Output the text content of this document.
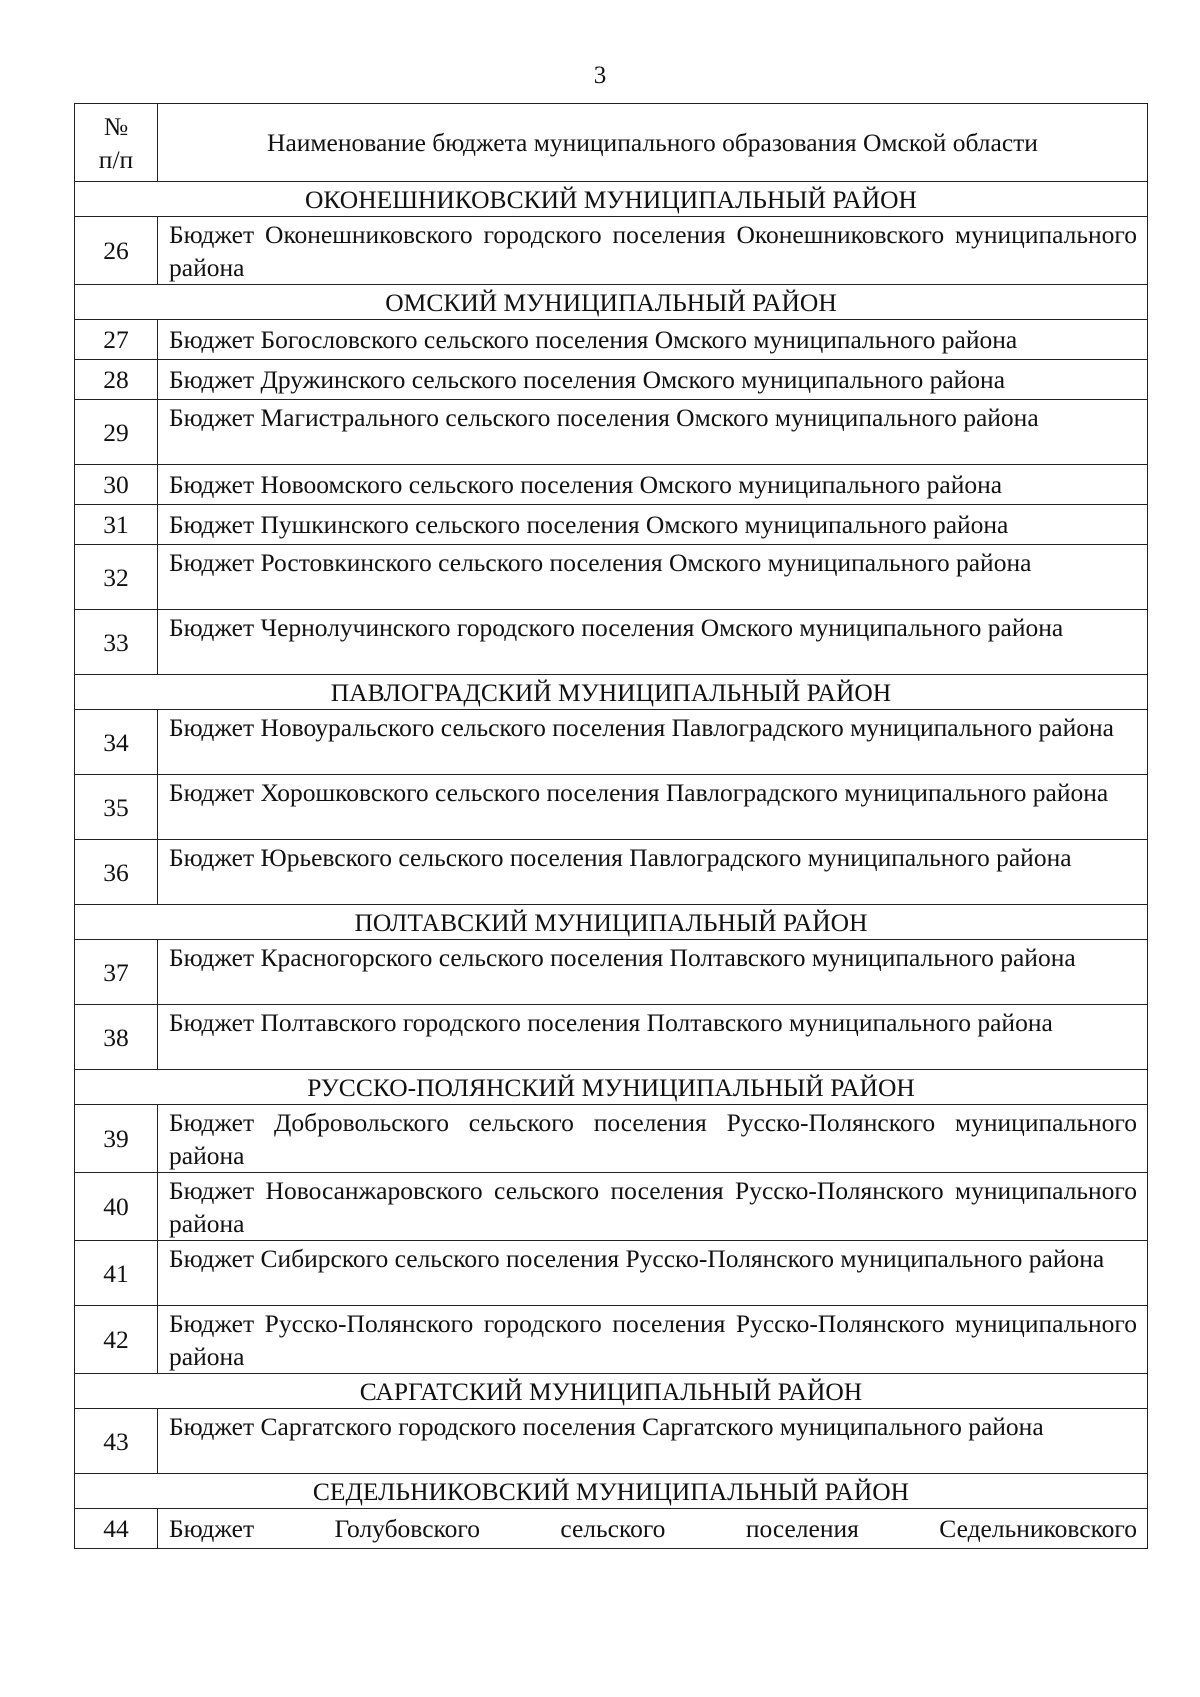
3
№
п/п	Наименование бюджета муниципального образования Омской области
ОКОНЕШНИКОВСКИЙ МУНИЦИПАЛЬНЫЙ РАЙОН	
26	Бюджет Оконешниковского городского поселения Оконешниковского муниципального района
ОМСКИЙ МУНИЦИПАЛЬНЫЙ РАЙОН	
27	Бюджет Богословского сельского поселения Омского муниципального района
28	Бюджет Дружинского сельского поселения Омского муниципального района
29	Бюджет Магистрального сельского поселения Омского муниципального района
30	Бюджет Новоомского сельского поселения Омского муниципального района
31	Бюджет Пушкинского сельского поселения Омского муниципального района
32	Бюджет Ростовкинского сельского поселения Омского муниципального района
33	Бюджет Чернолучинского городского поселения Омского муниципального района
ПАВЛОГРАДСКИЙ МУНИЦИПАЛЬНЫЙ РАЙОН	
34	Бюджет Новоуральского сельского поселения Павлоградского муниципального района
35	Бюджет Хорошковского сельского поселения Павлоградского муниципального района
36	Бюджет Юрьевского сельского поселения Павлоградского муниципального района
ПОЛТАВСКИЙ МУНИЦИПАЛЬНЫЙ РАЙОН	
37	Бюджет Красногорского сельского поселения Полтавского муниципального района
38	Бюджет Полтавского городского поселения Полтавского муниципального района
РУССКО-ПОЛЯНСКИЙ МУНИЦИПАЛЬНЫЙ РАЙОН	
39	Бюджет Добровольского сельского поселения Русско-Полянского муниципального района
40	Бюджет Новосанжаровского сельского поселения Русско-Полянского муниципального района
41	Бюджет Сибирского сельского поселения Русско-Полянского муниципального района
42	Бюджет Русско-Полянского городского поселения Русско-Полянского муниципального района
САРГАТСКИЙ МУНИЦИПАЛЬНЫЙ РАЙОН	
43	Бюджет Саргатского городского поселения Саргатского муниципального района
СЕДЕЛЬНИКОВСКИЙ МУНИЦИПАЛЬНЫЙ РАЙОН	
44	Бюджет Голубовского сельского поселения Седельниковского
